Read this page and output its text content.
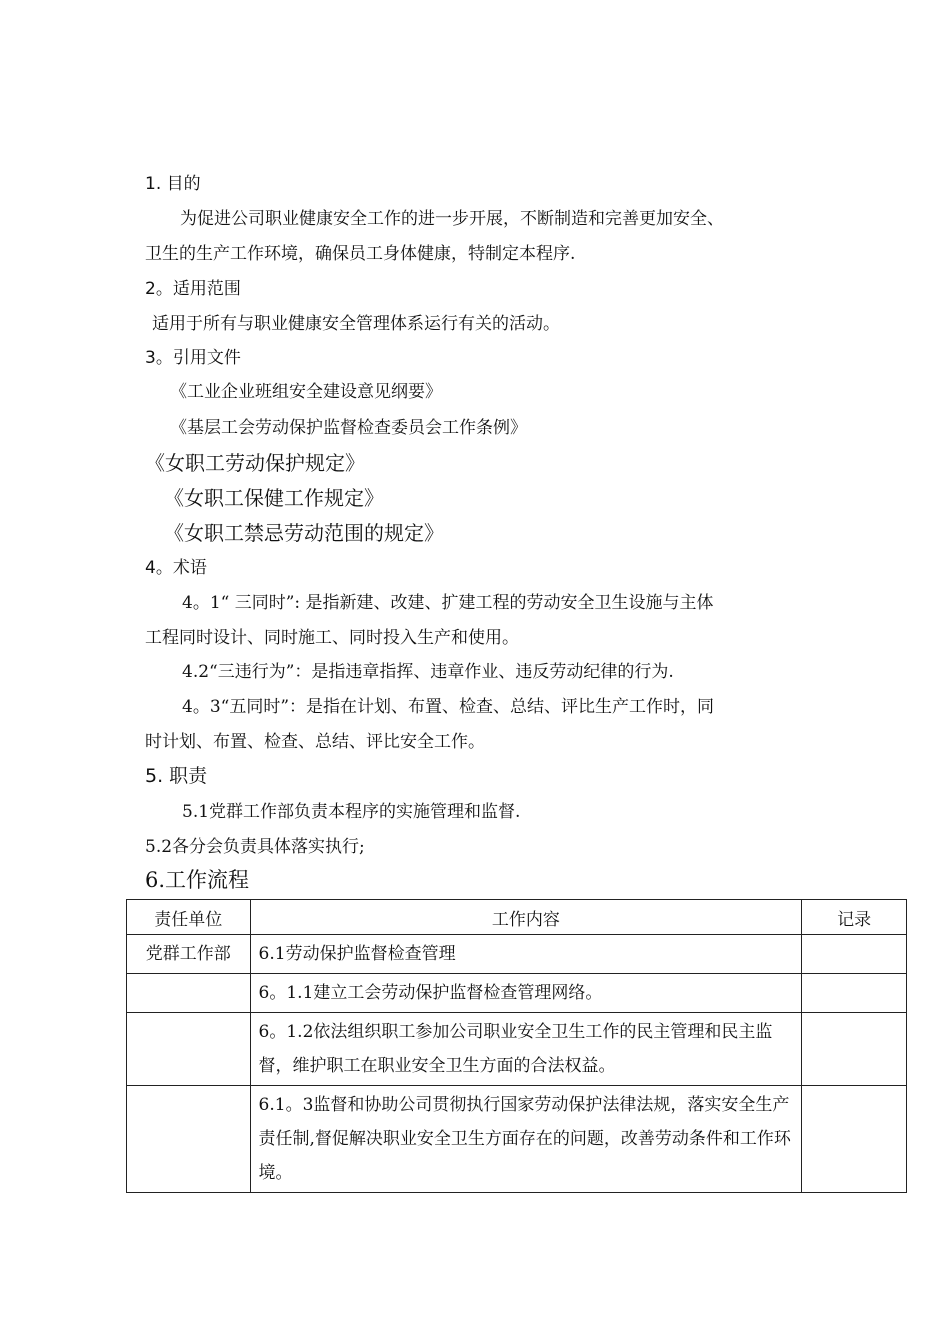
1. 目的
为促进公司职业健康安全工作的进一步开展，不断制造和完善更加安全、
卫生的生产工作环境，确保员工身体健康，特制定本程序.
2。适用范围
适用于所有与职业健康安全管理体系运行有关的活动。
3。引用文件
《工业企业班组安全建设意见纲要》
《基层工会劳动保护监督检查委员会工作条例》
《女职工劳动保护规定》
《女职工保健工作规定》
《女职工禁忌劳动范围的规定》
4。术语
4。1“ 三同时”: 是指新建、改建、扩建工程的劳动安全卫生设施与主体
工程同时设计、同时施工、同时投入生产和使用。
4.2“三违行为”：是指违章指挥、违章作业、违反劳动纪律的行为.
4。3“五同时”：是指在计划、布置、检查、总结、评比生产工作时，同
时计划、布置、检查、总结、评比安全工作。
5. 职责
5.1党群工作部负责本程序的实施管理和监督.
5.2各分会负责具体落实执行;
6.工作流程
责任单位	工作内容	记录
党群工作部	6.1劳动保护监督检查管理	
	6。1.1建立工会劳动保护监督检查管理网络。	
	6。1.2依法组织职工参加公司职业安全卫生工作的民主管理和民主监督，维护职工在职业安全卫生方面的合法权益。	
	6.1。3监督和协助公司贯彻执行国家劳动保护法律法规，落实安全生产责任制,督促解决职业安全卫生方面存在的问题，改善劳动条件和工作环境。	
